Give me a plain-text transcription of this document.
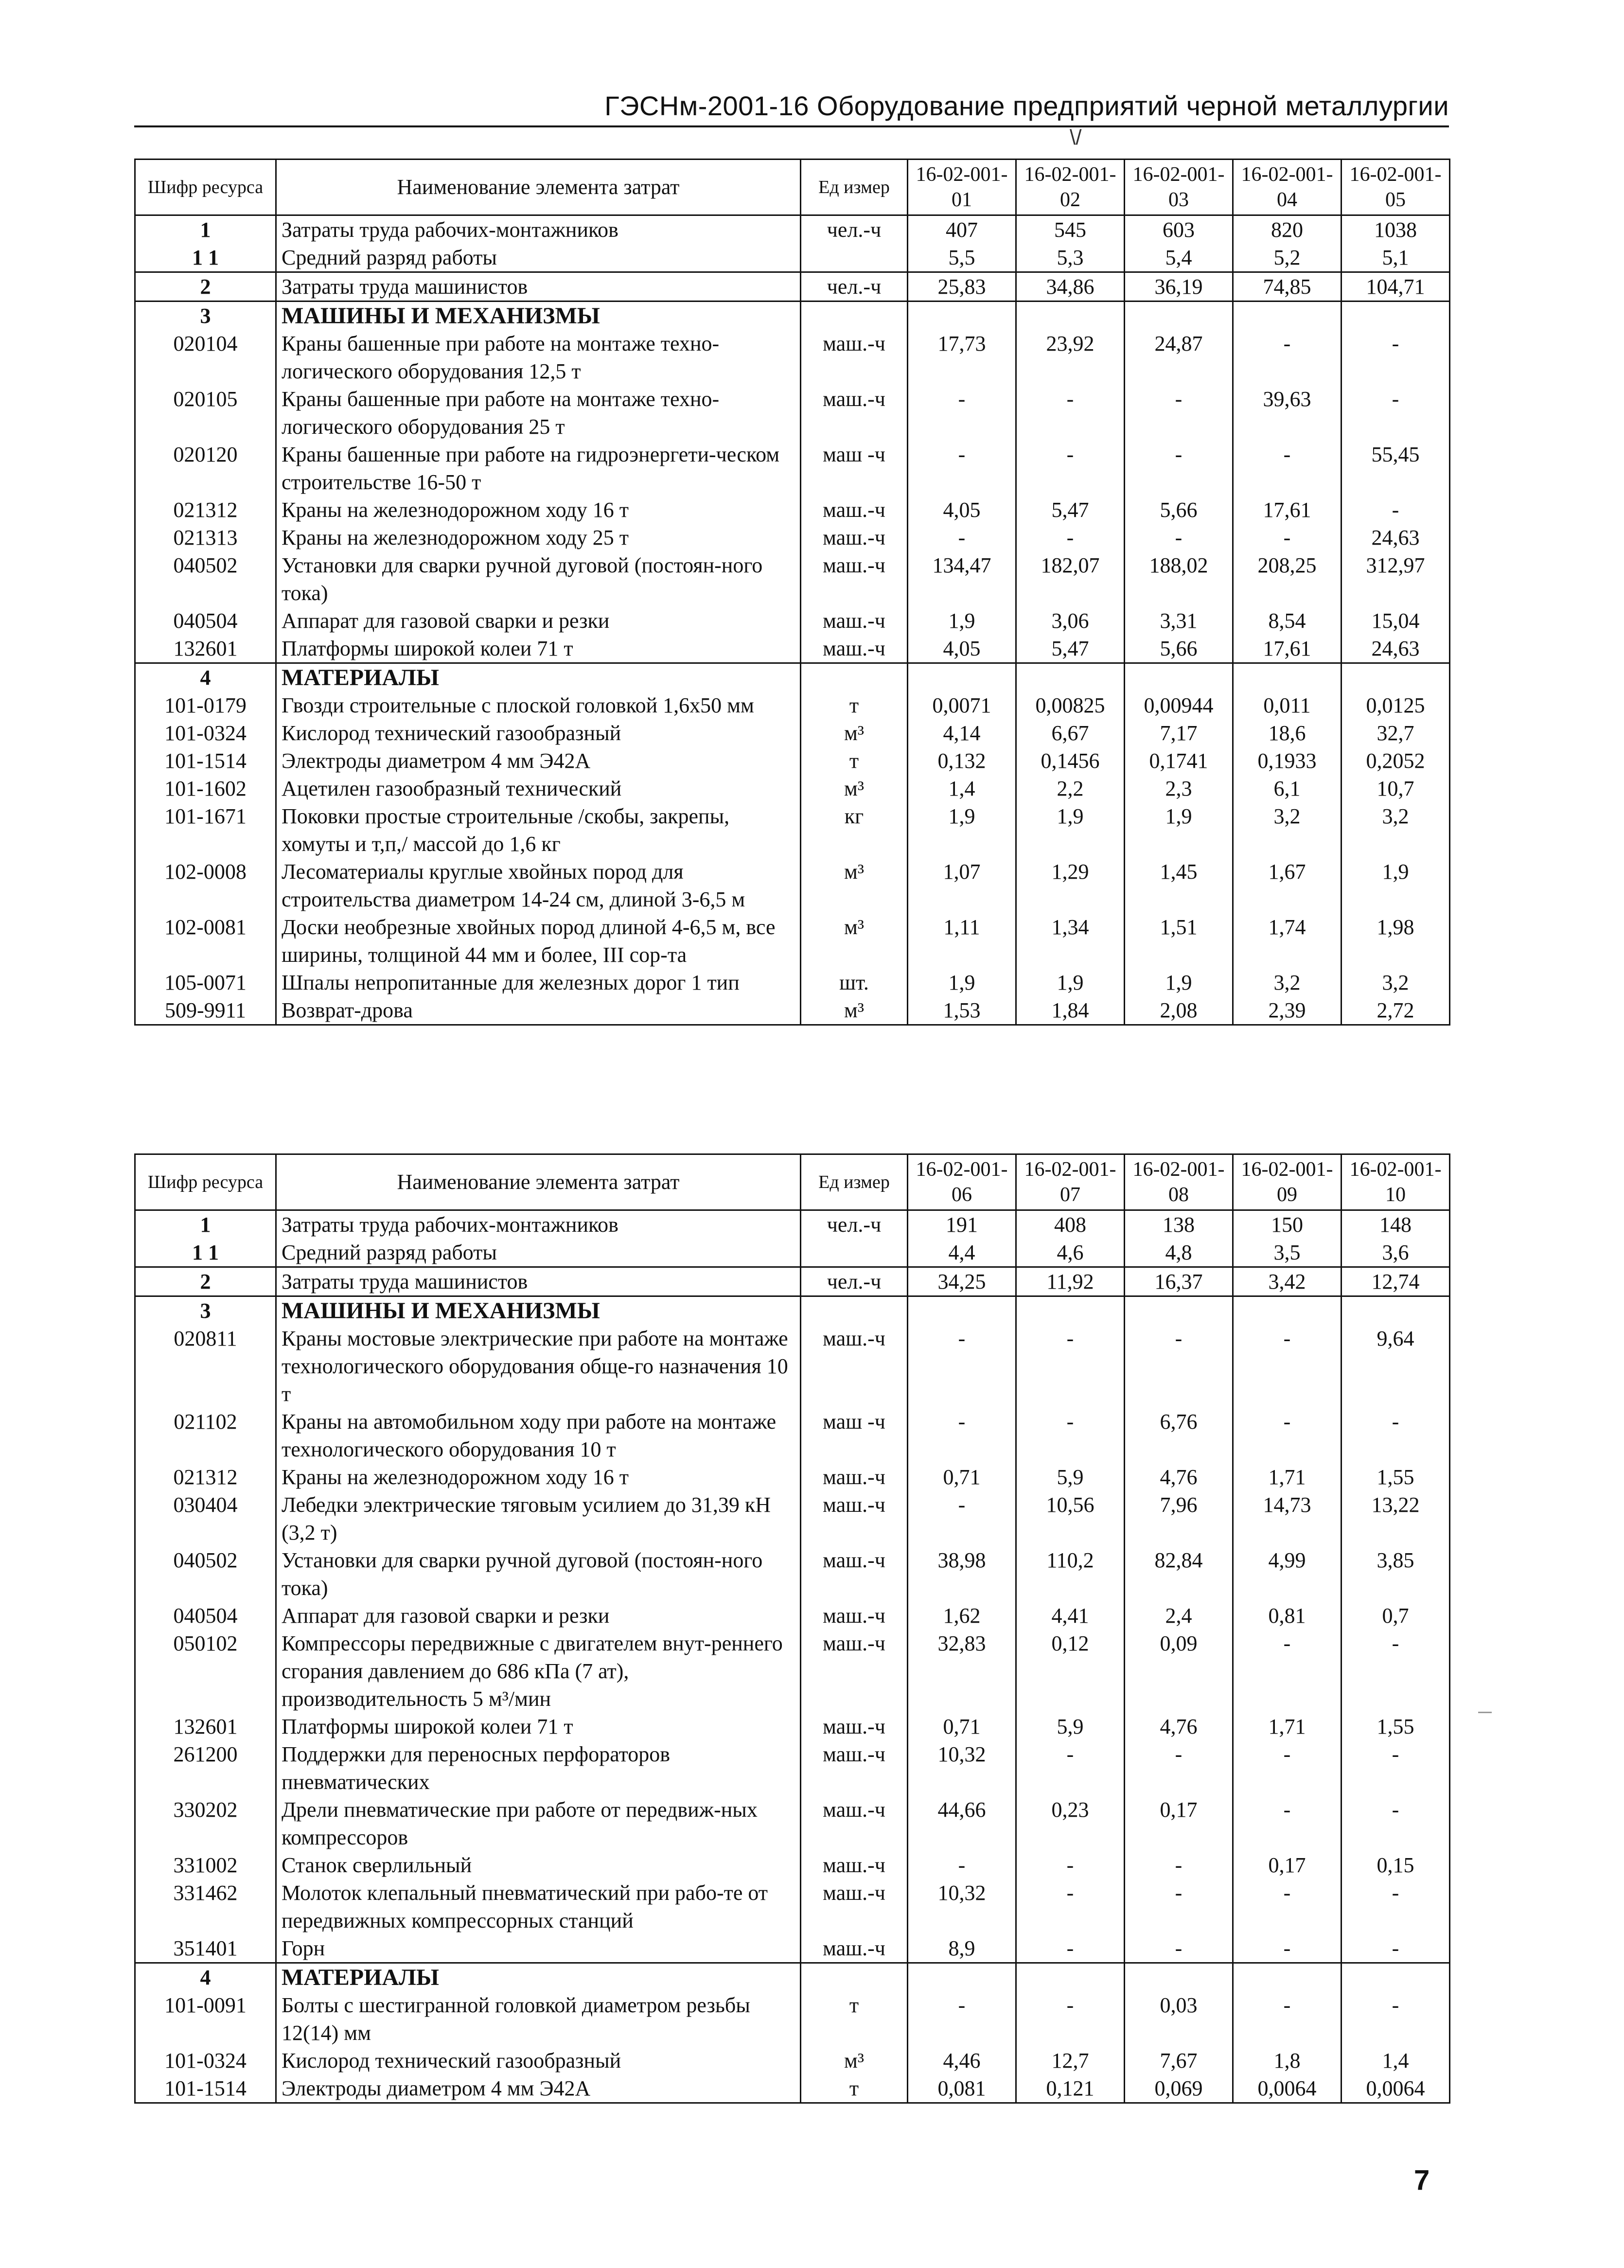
ГЭСНм-2001-16 Оборудование предприятий черной металлургии
\/
Шифр ресурса	Наименование элемента затрат	Ед измер	16-02-001-01	16-02-001-02	16-02-001-03	16-02-001-04	16-02-001-05
1	Затраты труда рабочих-монтажников	чел.-ч	407	545	603	820	1038
1 1	Средний разряд работы		5,5	5,3	5,4	5,2	5,1
2	Затраты труда машинистов	чел.-ч	25,83	34,86	36,19	74,85	104,71
3	МАШИНЫ И МЕХАНИЗМЫ						
020104	Краны башенные при работе на монтаже техно-логического оборудования 12,5 т	маш.-ч	17,73	23,92	24,87	-	-
020105	Краны башенные при работе на монтаже техно-логического оборудования 25 т	маш.-ч	-	-	-	39,63	-
020120	Краны башенные при работе на гидроэнергети-ческом строительстве 16-50 т	маш -ч	-	-	-	-	55,45
021312	Краны на железнодорожном ходу 16 т	маш.-ч	4,05	5,47	5,66	17,61	-
021313	Краны на железнодорожном ходу 25 т	маш.-ч	-	-	-	-	24,63
040502	Установки для сварки ручной дуговой (постоян-ного тока)	маш.-ч	134,47	182,07	188,02	208,25	312,97
040504	Аппарат для газовой сварки и резки	маш.-ч	1,9	3,06	3,31	8,54	15,04
132601	Платформы широкой колеи 71 т	маш.-ч	4,05	5,47	5,66	17,61	24,63
4	МАТЕРИАЛЫ						
101-0179	Гвозди строительные с плоской головкой 1,6х50 мм	т	0,0071	0,00825	0,00944	0,011	0,0125
101-0324	Кислород технический газообразный	м³	4,14	6,67	7,17	18,6	32,7
101-1514	Электроды диаметром 4 мм Э42А	т	0,132	0,1456	0,1741	0,1933	0,2052
101-1602	Ацетилен газообразный технический	м³	1,4	2,2	2,3	6,1	10,7
101-1671	Поковки простые строительные /скобы, закрепы, хомуты и т,п,/ массой до 1,6 кг	кг	1,9	1,9	1,9	3,2	3,2
102-0008	Лесоматериалы круглые хвойных пород для строительства диаметром 14-24 см, длиной 3-6,5 м	м³	1,07	1,29	1,45	1,67	1,9
102-0081	Доски необрезные хвойных пород длиной 4-6,5 м, все ширины, толщиной 44 мм и более, III сор-та	м³	1,11	1,34	1,51	1,74	1,98
105-0071	Шпалы непропитанные для железных дорог 1 тип	шт.	1,9	1,9	1,9	3,2	3,2
509-9911	Возврат-дрова	м³	1,53	1,84	2,08	2,39	2,72
Шифр ресурса	Наименование элемента затрат	Ед измер	16-02-001-06	16-02-001-07	16-02-001-08	16-02-001-09	16-02-001-10
1	Затраты труда рабочих-монтажников	чел.-ч	191	408	138	150	148
1 1	Средний разряд работы		4,4	4,6	4,8	3,5	3,6
2	Затраты труда машинистов	чел.-ч	34,25	11,92	16,37	3,42	12,74
3	МАШИНЫ И МЕХАНИЗМЫ						
020811	Краны мостовые электрические при работе на монтаже технологического оборудования обще-го назначения 10 т	маш.-ч	-	-	-	-	9,64
021102	Краны на автомобильном ходу при работе на монтаже технологического оборудования 10 т	маш -ч	-	-	6,76	-	-
021312	Краны на железнодорожном ходу 16 т	маш.-ч	0,71	5,9	4,76	1,71	1,55
030404	Лебедки электрические тяговым усилием до 31,39 кН (3,2 т)	маш.-ч	-	10,56	7,96	14,73	13,22
040502	Установки для сварки ручной дуговой (постоян-ного тока)	маш.-ч	38,98	110,2	82,84	4,99	3,85
040504	Аппарат для газовой сварки и резки	маш.-ч	1,62	4,41	2,4	0,81	0,7
050102	Компрессоры передвижные с двигателем внут-реннего сгорания давлением до 686 кПа (7 ат), производительность 5 м³/мин	маш.-ч	32,83	0,12	0,09	-	-
132601	Платформы широкой колеи 71 т	маш.-ч	0,71	5,9	4,76	1,71	1,55
261200	Поддержки для переносных перфораторов пневматических	маш.-ч	10,32	-	-	-	-
330202	Дрели пневматические при работе от передвиж-ных компрессоров	маш.-ч	44,66	0,23	0,17	-	-
331002	Станок сверлильный	маш.-ч	-	-	-	0,17	0,15
331462	Молоток клепальный пневматический при рабо-те от передвижных компрессорных станций	маш.-ч	10,32	-	-	-	-
351401	Горн	маш.-ч	8,9	-	-	-	-
4	МАТЕРИАЛЫ						
101-0091	Болты с шестигранной головкой диаметром резьбы 12(14) мм	т	-	-	0,03	-	-
101-0324	Кислород технический газообразный	м³	4,46	12,7	7,67	1,8	1,4
101-1514	Электроды диаметром 4 мм Э42А	т	0,081	0,121	0,069	0,0064	0,0064
7
